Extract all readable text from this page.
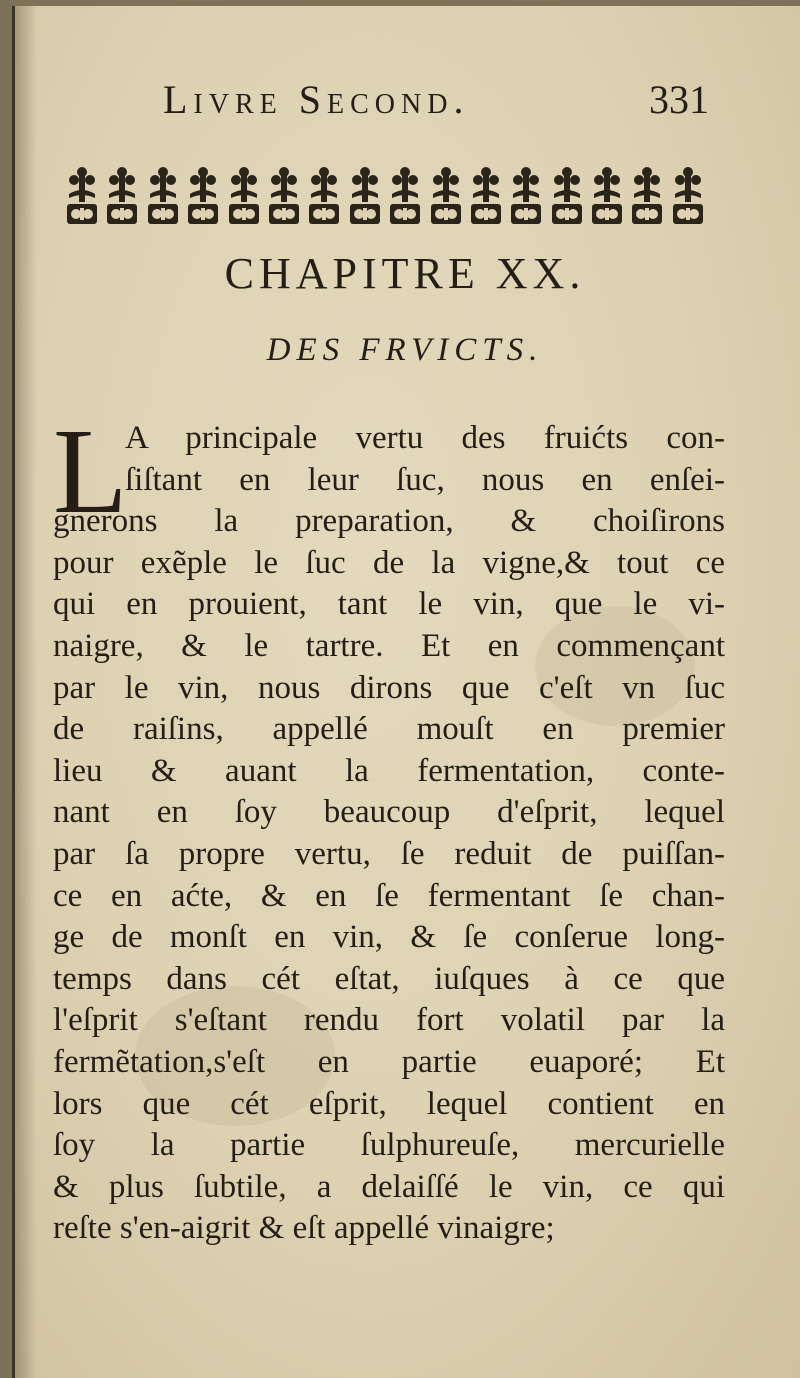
Livre Second.	331
CHAPITRE XX.
DES FRVICTS.
L
A principale vertu des fruićts con-
ſiſtant en leur ſuc, nous en enſei-
gnerons la preparation, & choiſirons
pour exẽple le ſuc de la vigne,& tout ce
qui en prouient, tant le vin, que le vi-
naigre, & le tartre. Et en commençant
par le vin, nous dirons que c'eſt vn ſuc
de raiſins, appellé mouſt en premier
lieu & auant la fermentation, conte-
nant en ſoy beaucoup d'eſprit, lequel
par ſa propre vertu, ſe reduit de puiſſan-
ce en aćte, & en ſe fermentant ſe chan-
ge de monſt en vin, & ſe conſerue long-
temps dans cét eſtat, iuſques à ce que
l'eſprit s'eſtant rendu fort volatil par la
fermẽtation,s'eſt en partie euaporé; Et
lors que cét eſprit, lequel contient en
ſoy la partie ſulphureuſe, mercurielle
& plus ſubtile, a delaiſſé le vin, ce qui
reſte s'en-aigrit & eſt appellé vinaigre;
